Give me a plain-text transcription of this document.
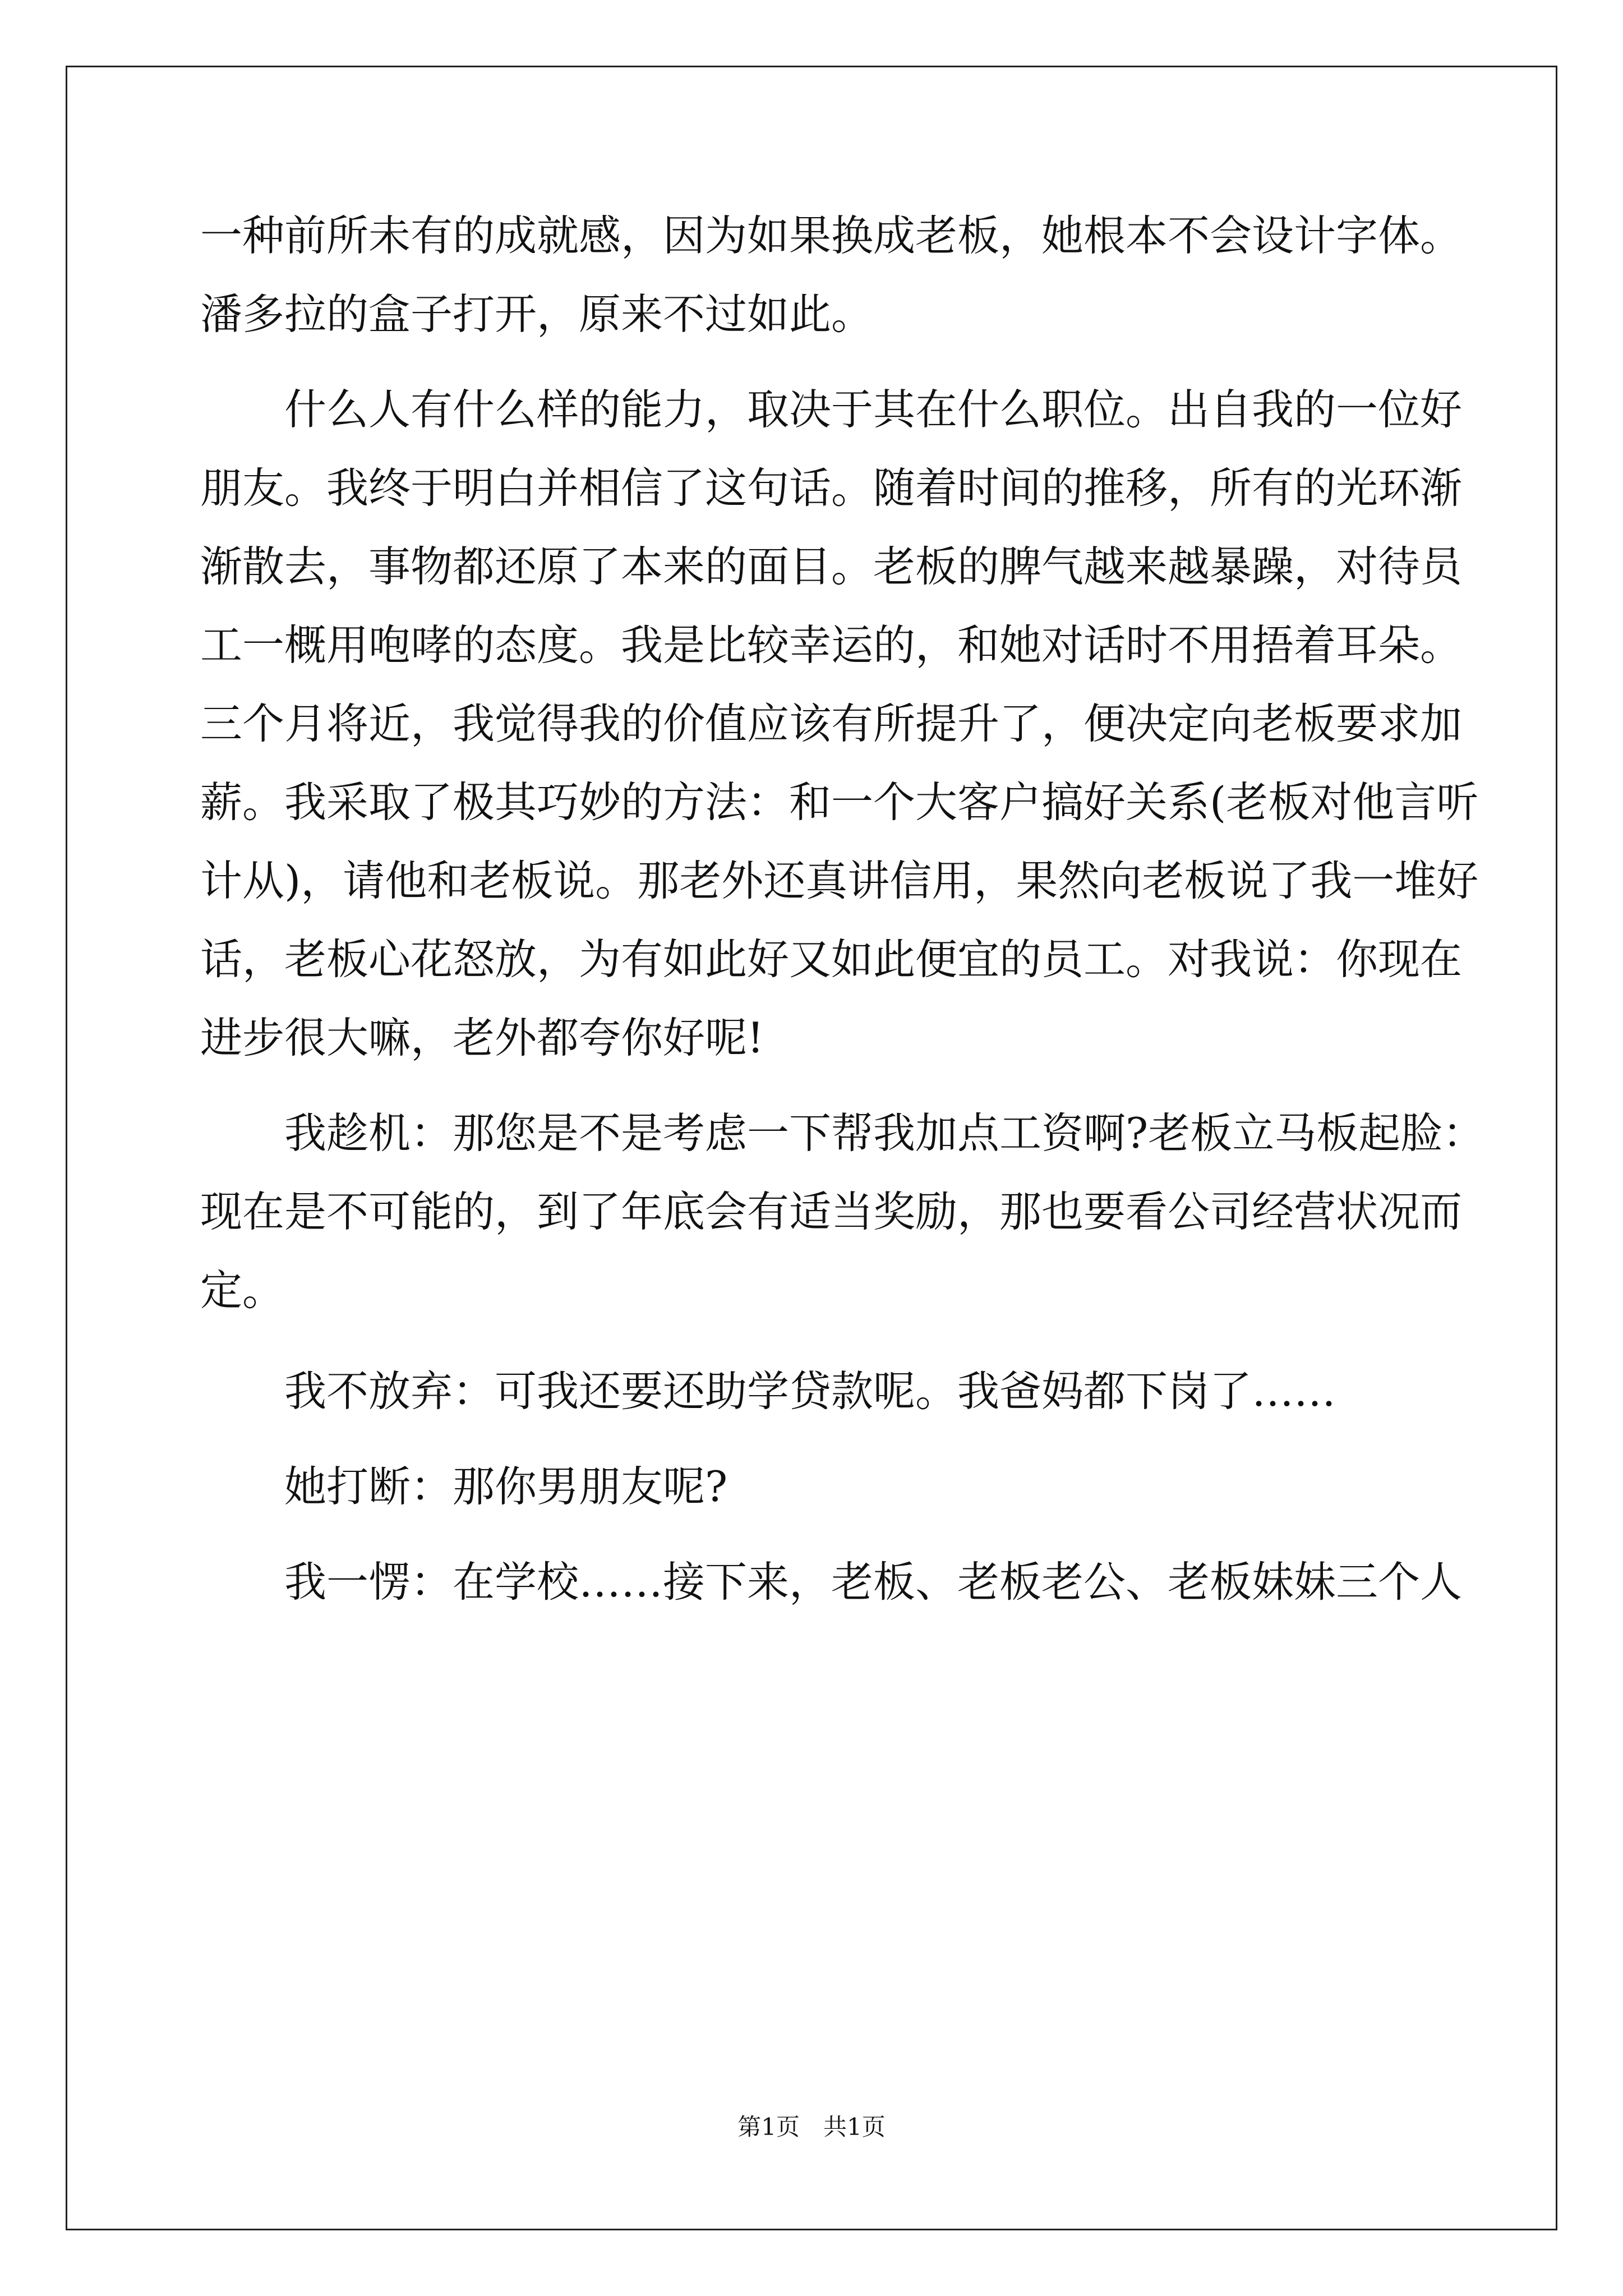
一种前所未有的成就感，因为如果换成老板，她根本不会设计字体。
潘多拉的盒子打开，原来不过如此。
什么人有什么样的能力，取决于其在什么职位。出自我的一位好
朋友。我终于明白并相信了这句话。随着时间的推移，所有的光环渐
渐散去，事物都还原了本来的面目。老板的脾气越来越暴躁，对待员
工一概用咆哮的态度。我是比较幸运的，和她对话时不用捂着耳朵。
三个月将近，我觉得我的价值应该有所提升了，便决定向老板要求加
薪。我采取了极其巧妙的方法：和一个大客户搞好关系(老板对他言听
计从)，请他和老板说。那老外还真讲信用，果然向老板说了我一堆好
话，老板心花怒放，为有如此好又如此便宜的员工。对我说：你现在
进步很大嘛，老外都夸你好呢!
我趁机：那您是不是考虑一下帮我加点工资啊?老板立马板起脸：
现在是不可能的，到了年底会有适当奖励，那也要看公司经营状况而
定。
我不放弃：可我还要还助学贷款呢。我爸妈都下岗了……
她打断：那你男朋友呢?
我一愣：在学校……接下来，老板、老板老公、老板妹妹三个人
第1页　共1页
